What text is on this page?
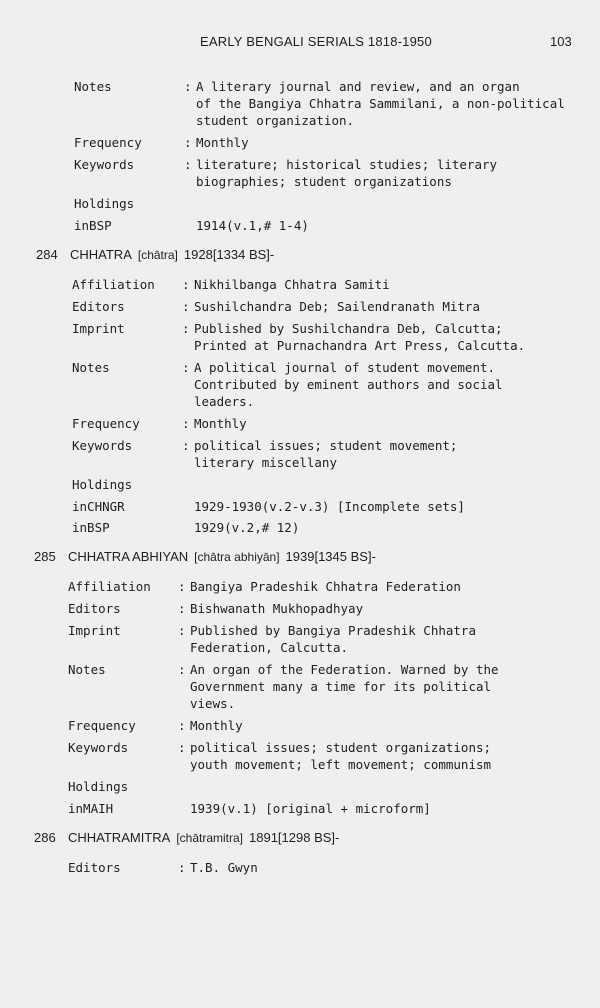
EARLY BENGALI SERIALS 1818-1950	103
Notes	: A literary journal and review, and an organ
of the Bangiya Chhatra Sammilani, a non-political
student organization.
Frequency	: Monthly
Keywords	: literature; historical studies; literary
biographies; student organizations
Holdings
inBSP	1914(v.1,# 1-4)
284 CHHATRA [chātra] 1928[1334 BS]-
Affiliation	: Nikhilbanga Chhatra Samiti
Editors	: Sushilchandra Deb; Sailendranath Mitra
Imprint	: Published by Sushilchandra Deb, Calcutta;
Printed at Purnachandra Art Press, Calcutta.
Notes	: A political journal of student movement.
Contributed by eminent authors and social
leaders.
Frequency	: Monthly
Keywords	: political issues; student movement;
literary miscellany
Holdings
inCHNGR	1929-1930(v.2-v.3) [Incomplete sets]
inBSP	1929(v.2,# 12)
285 CHHATRA ABHIYAN [chātra abhiyān] 1939[1345 BS]-
Affiliation	: Bangiya Pradeshik Chhatra Federation
Editors	: Bishwanath Mukhopadhyay
Imprint	: Published by Bangiya Pradeshik Chhatra
Federation, Calcutta.
Notes	: An organ of the Federation. Warned by the
Government many a time for its political
views.
Frequency	: Monthly
Keywords	: political issues; student organizations;
youth movement; left movement; communism
Holdings
inMAIH	1939(v.1) [original + microform]
286 CHHATRAMITRA [chātramitra] 1891[1298 BS]-
Editors	: T.B. Gwyn
